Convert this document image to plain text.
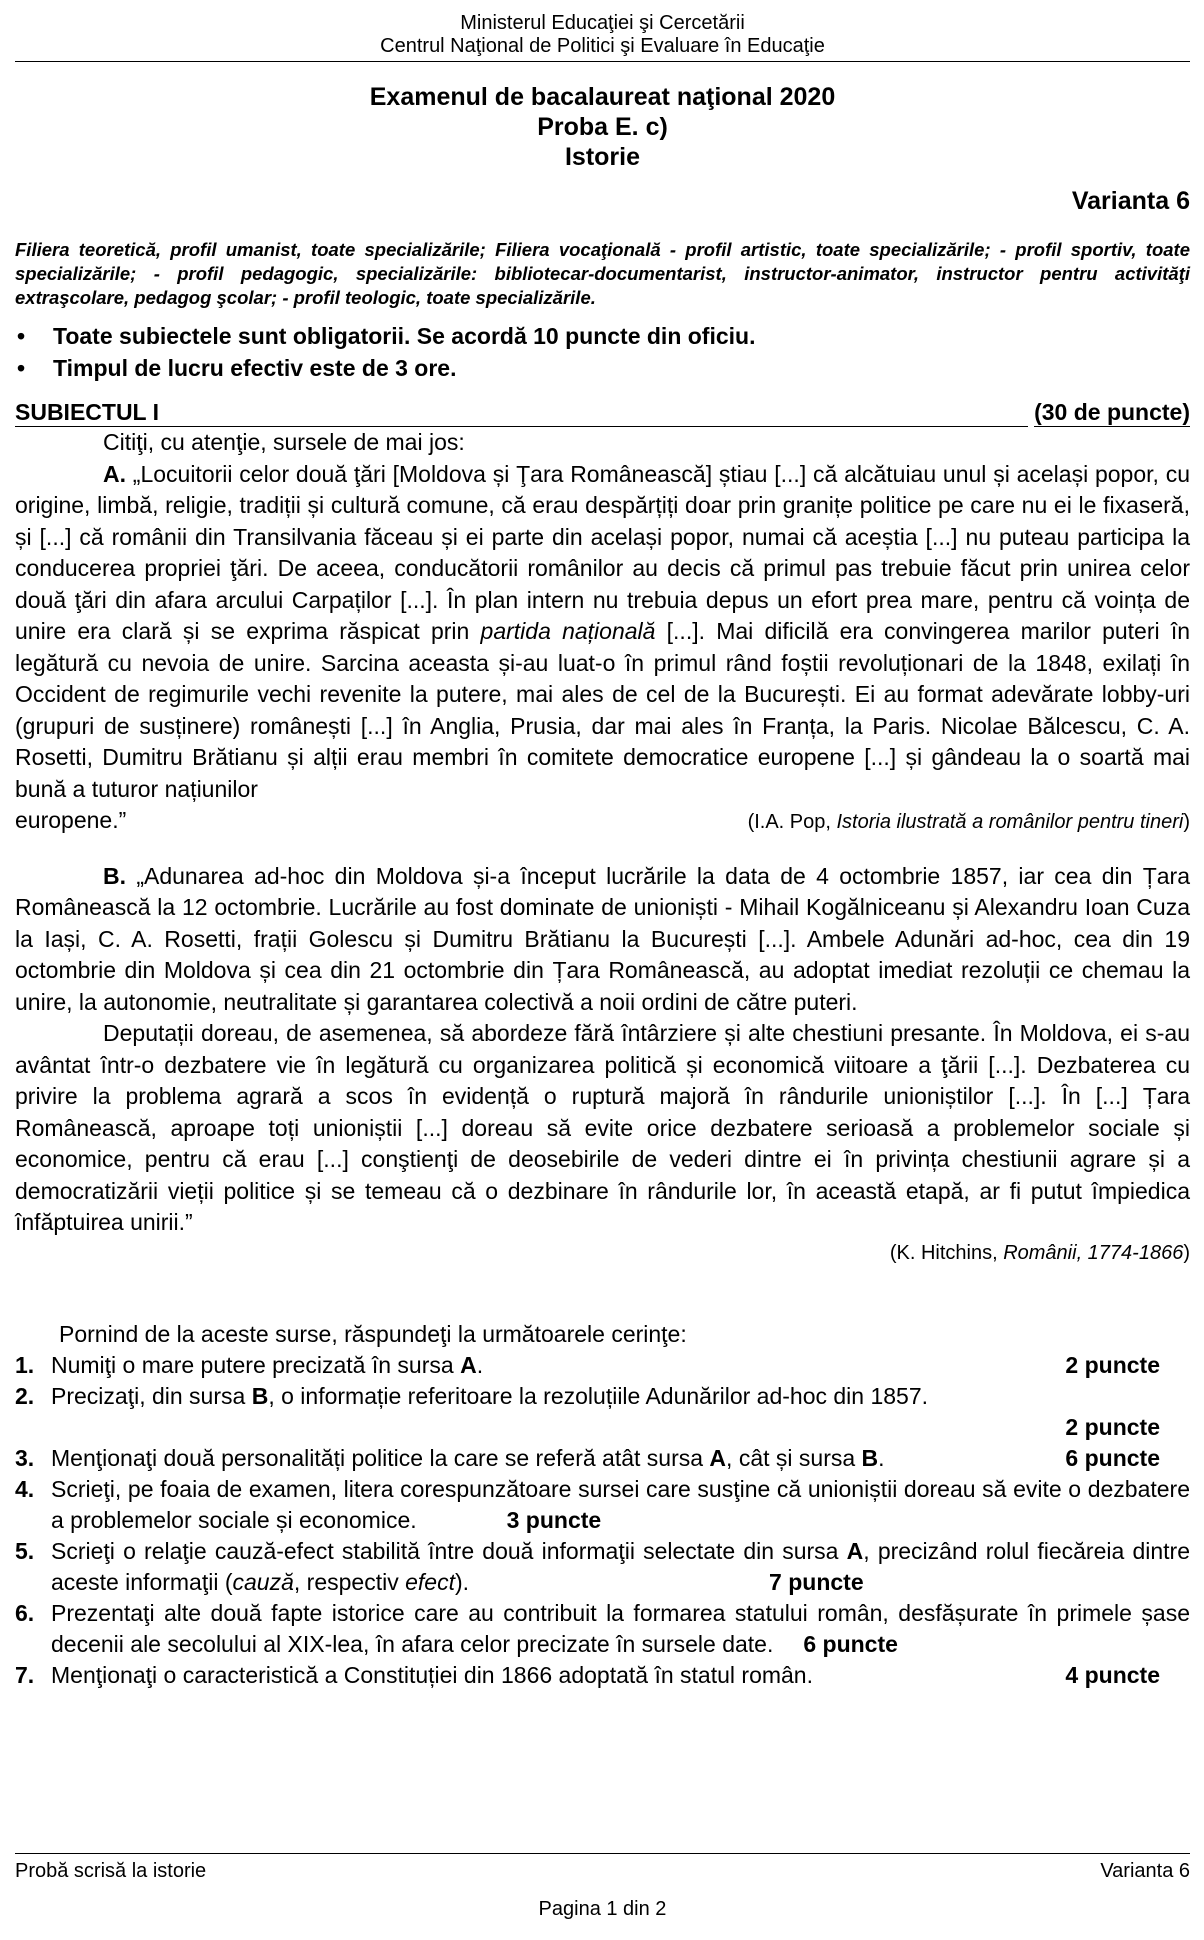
Ministerul Educaţiei şi Cercetării
Centrul Naţional de Politici şi Evaluare în Educaţie
Examenul de bacalaureat naţional 2020
Proba E. c)
Istorie
Varianta 6
Filiera teoretică, profil umanist, toate specializările; Filiera vocaţională - profil artistic, toate specializările; - profil sportiv, toate specializările; - profil pedagogic, specializările: bibliotecar-documentarist, instructor-animator, instructor pentru activităţi extraşcolare, pedagog şcolar; - profil teologic, toate specializările.
•	Toate subiectele sunt obligatorii. Se acordă 10 puncte din oficiu.
•	Timpul de lucru efectiv este de 3 ore.
SUBIECTUL I	(30 de puncte)
Citiţi, cu atenţie, sursele de mai jos:
A. „Locuitorii celor două ţări [Moldova și Ţara Românească] știau [...] că alcătuiau unul și același popor, cu origine, limbă, religie, tradiții și cultură comune, că erau despărțiți doar prin granițe politice pe care nu ei le fixaseră, și [...] că românii din Transilvania făceau și ei parte din același popor, numai că aceștia [...] nu puteau participa la conducerea propriei ţări. De aceea, conducătorii românilor au decis că primul pas trebuie făcut prin unirea celor două ţări din afara arcului Carpaților [...]. În plan intern nu trebuia depus un efort prea mare, pentru că voința de unire era clară și se exprima răspicat prin partida națională [...]. Mai dificilă era convingerea marilor puteri în legătură cu nevoia de unire. Sarcina aceasta și-au luat-o în primul rând foștii revoluționari de la 1848, exilați în Occident de regimurile vechi revenite la putere, mai ales de cel de la București. Ei au format adevărate lobby-uri (grupuri de susținere) românești [...] în Anglia, Prusia, dar mai ales în Franța, la Paris. Nicolae Bălcescu, C. A. Rosetti, Dumitru Brătianu și alții erau membri în comitete democratice europene [...] și gândeau la o soartă mai bună a tuturor națiunilor
europene.”	(I.A. Pop, Istoria ilustrată a românilor pentru tineri)
B. „Adunarea ad-hoc din Moldova și-a început lucrările la data de 4 octombrie 1857, iar cea din Țara Românească la 12 octombrie. Lucrările au fost dominate de unioniști - Mihail Kogălniceanu și Alexandru Ioan Cuza la Iași, C. A. Rosetti, frații Golescu și Dumitru Brătianu la București [...]. Ambele Adunări ad-hoc, cea din 19 octombrie din Moldova și cea din 21 octombrie din Țara Românească, au adoptat imediat rezoluții ce chemau la unire, la autonomie, neutralitate și garantarea colectivă a noii ordini de către puteri.
Deputații doreau, de asemenea, să abordeze fără întârziere și alte chestiuni presante. În Moldova, ei s-au avântat într-o dezbatere vie în legătură cu organizarea politică și economică viitoare a ţării [...]. Dezbaterea cu privire la problema agrară a scos în evidență o ruptură majoră în rândurile unioniștilor [...]. În [...] Țara Românească, aproape toți unioniștii [...] doreau să evite orice dezbatere serioasă a problemelor sociale și economice, pentru că erau [...] conştienţi de deosebirile de vederi dintre ei în privința chestiunii agrare și a democratizării vieții politice și se temeau că o dezbinare în rândurile lor, în această etapă, ar fi putut împiedica înfăptuirea unirii.”
(K. Hitchins, Românii, 1774-1866)
Pornind de la aceste surse, răspundeţi la următoarele cerinţe:
1. Numiţi o mare putere precizată în sursa A.	2 puncte
2. Precizaţi, din sursa B, o informație referitoare la rezoluțiile Adunărilor ad-hoc din 1857.
2 puncte
3. Menţionaţi două personalități politice la care se referă atât sursa A, cât și sursa B.	6 puncte
4. Scrieţi, pe foaia de examen, litera corespunzătoare sursei care susţine că unioniștii doreau să evite o dezbatere a problemelor sociale și economice.	3 puncte
5. Scrieţi o relaţie cauză-efect stabilită între două informaţii selectate din sursa A, precizând rolul fiecăreia dintre aceste informaţii (cauză, respectiv efect).	7 puncte
6. Prezentaţi alte două fapte istorice care au contribuit la formarea statului român, desfășurate în primele șase decenii ale secolului al XIX-lea, în afara celor precizate în sursele date. 6 puncte
7. Menţionaţi o caracteristică a Constituției din 1866 adoptată în statul român.	4 puncte
Probă scrisă la istorie	Varianta 6
Pagina 1 din 2
